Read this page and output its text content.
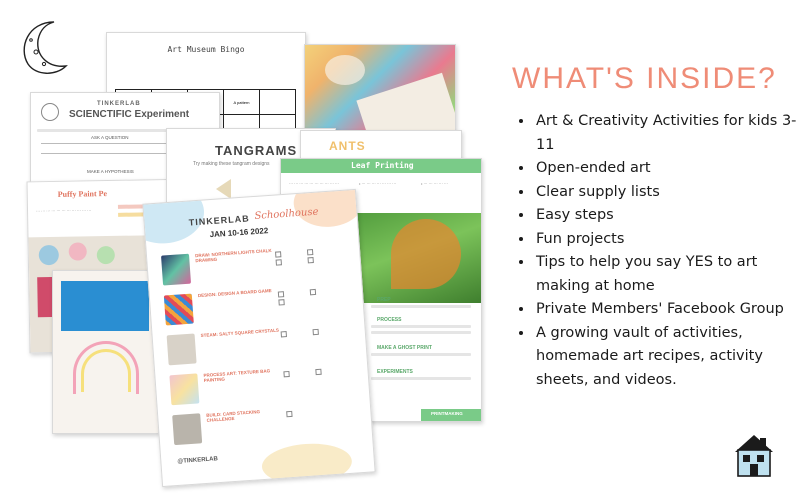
Art Museum Bingo

			A pattern	

TINKERLAB
SCIENCTIFIC Experiment
ASK A QUESTION
MAKE A HYPOTHESIS
Puffy Paint Pe
··· ··· ··· ··· ··· ··· ··· ··· ··· ··· ···
TANGRAMS
Try making these tangram designs
ANTS
Leaf Printing
··· ··· ··· ··· ··· ··· ··· ··· ··· ···	• ··· ··· ··· ··· ··· ··· ···	• ··· ··· ··· ··· ···
PREP
PROCESS
MAKE A GHOST PRINT
EXPERIMENTS
PRINTMAKING
TINKERLAB Schoolhouse
JAN 10-16 2022
DRAW: NORTHERN LIGHTS CHALK DRAWING
DESIGN: DESIGN A BOARD GAME
STEAM: SALTY SQUARE CRYSTALS
PROCESS ART: TEXTURE BAG PAINTING
BUILD: CARD STACKING CHALLENGE
@TINKERLAB
WHAT'S INSIDE?
• Art & Creativity Activities for kids 3-11
• Open-ended art
• Clear supply lists
• Easy steps
• Fun projects
• Tips to help you say YES to art making at home
• Private Members' Facebook Group
• A growing vault of activities, homemade art recipes, activity sheets, and videos.
